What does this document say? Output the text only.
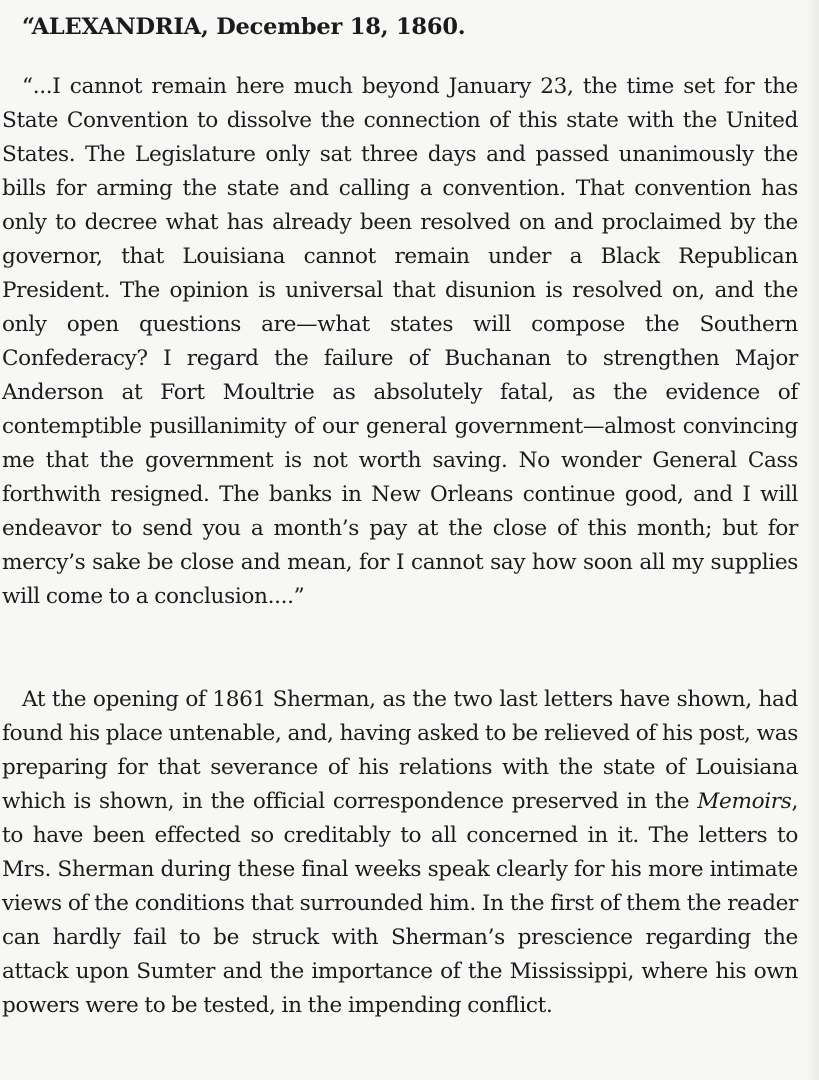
“ALEXANDRIA, December 18, 1860.

“...I cannot remain here much beyond January 23, the time set for the State Convention to dissolve the connection of this state with the United States. The Legislature only sat three days and passed unanimously the bills for arming the state and calling a convention. That convention has only to decree what has already been resolved on and proclaimed by the governor, that Louisiana cannot remain under a Black Republican President. The opinion is universal that disunion is resolved on, and the only open questions are—what states will compose the Southern Confederacy? I regard the failure of Buchanan to strengthen Major Anderson at Fort Moultrie as absolutely fatal, as the evidence of contemptible pusillanimity of our general government—almost convincing me that the government is not worth saving. No wonder General Cass forthwith resigned. The banks in New Orleans continue good, and I will endeavor to send you a month’s pay at the close of this month; but for mercy’s sake be close and mean, for I cannot say how soon all my supplies will come to a conclusion....”

At the opening of 1861 Sherman, as the two last letters have shown, had found his place untenable, and, having asked to be relieved of his post, was preparing for that severance of his relations with the state of Louisiana which is shown, in the official correspondence preserved in the Memoirs, to have been effected so creditably to all concerned in it. The letters to Mrs. Sherman during these final weeks speak clearly for his more intimate views of the conditions that surrounded him. In the first of them the reader can hardly fail to be struck with Sherman’s prescience regarding the attack upon Sumter and the importance of the Mississippi, where his own powers were to be tested, in the impending conflict.
